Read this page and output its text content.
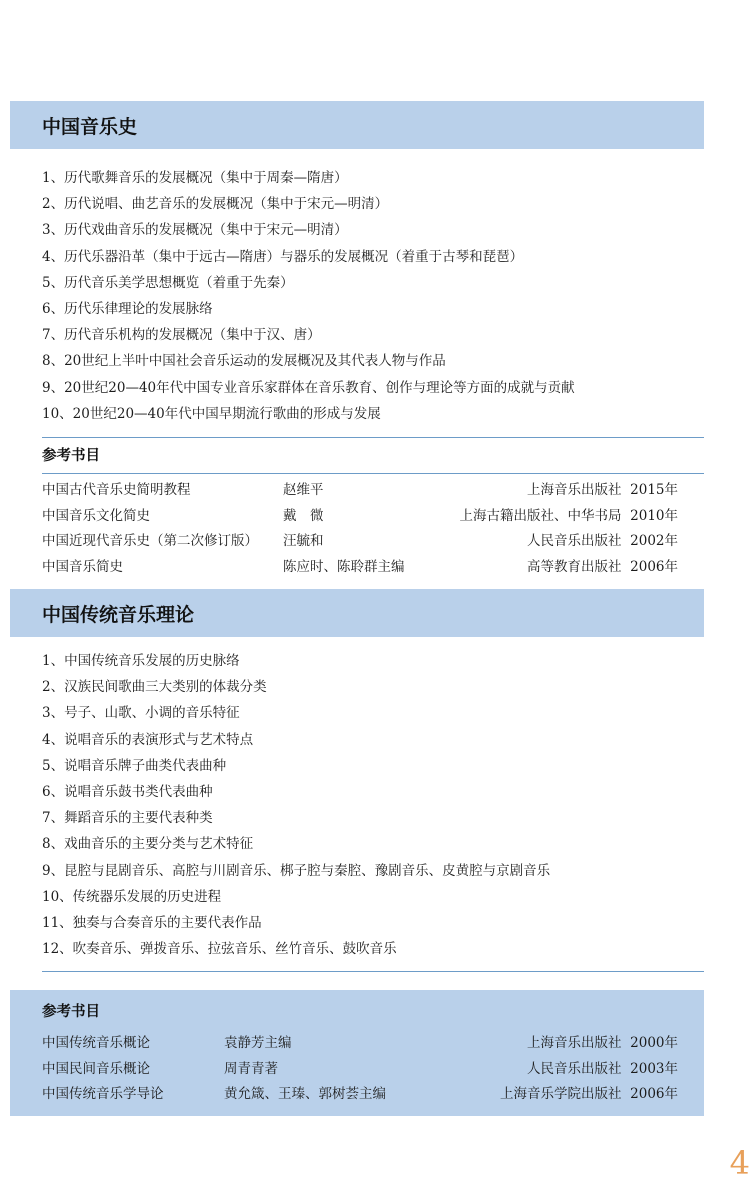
中国音乐史
1、历代歌舞音乐的发展概况（集中于周秦—隋唐）
2、历代说唱、曲艺音乐的发展概况（集中于宋元—明清）
3、历代戏曲音乐的发展概况（集中于宋元—明清）
4、历代乐器沿革（集中于远古—隋唐）与器乐的发展概况（着重于古琴和琵琶）
5、历代音乐美学思想概览（着重于先秦）
6、历代乐律理论的发展脉络
7、历代音乐机构的发展概况（集中于汉、唐）
8、20世纪上半叶中国社会音乐运动的发展概况及其代表人物与作品
9、20世纪20—40年代中国专业音乐家群体在音乐教育、创作与理论等方面的成就与贡献
10、20世纪20—40年代中国早期流行歌曲的形成与发展
参考书目
中国古代音乐史简明教程	赵维平	上海音乐出版社 2015年
中国音乐文化简史	戴　微	上海古籍出版社、中华书局 2010年
中国近现代音乐史（第二次修订版） 汪毓和	人民音乐出版社 2002年
中国音乐简史	陈应时、陈聆群主编	高等教育出版社 2006年
中国传统音乐理论
1、中国传统音乐发展的历史脉络
2、汉族民间歌曲三大类别的体裁分类
3、号子、山歌、小调的音乐特征
4、说唱音乐的表演形式与艺术特点
5、说唱音乐牌子曲类代表曲种
6、说唱音乐鼓书类代表曲种
7、舞蹈音乐的主要代表种类
8、戏曲音乐的主要分类与艺术特征
9、昆腔与昆剧音乐、高腔与川剧音乐、梆子腔与秦腔、豫剧音乐、皮黄腔与京剧音乐
10、传统器乐发展的历史进程
11、独奏与合奏音乐的主要代表作品
12、吹奏音乐、弹拨音乐、拉弦音乐、丝竹音乐、鼓吹音乐
参考书目
中国传统音乐概论	袁静芳主编	上海音乐出版社 2000年
中国民间音乐概论	周青青著	人民音乐出版社 2003年
中国传统音乐学导论	黄允箴、王瑧、郭树荟主编	上海音乐学院出版社 2006年
4
